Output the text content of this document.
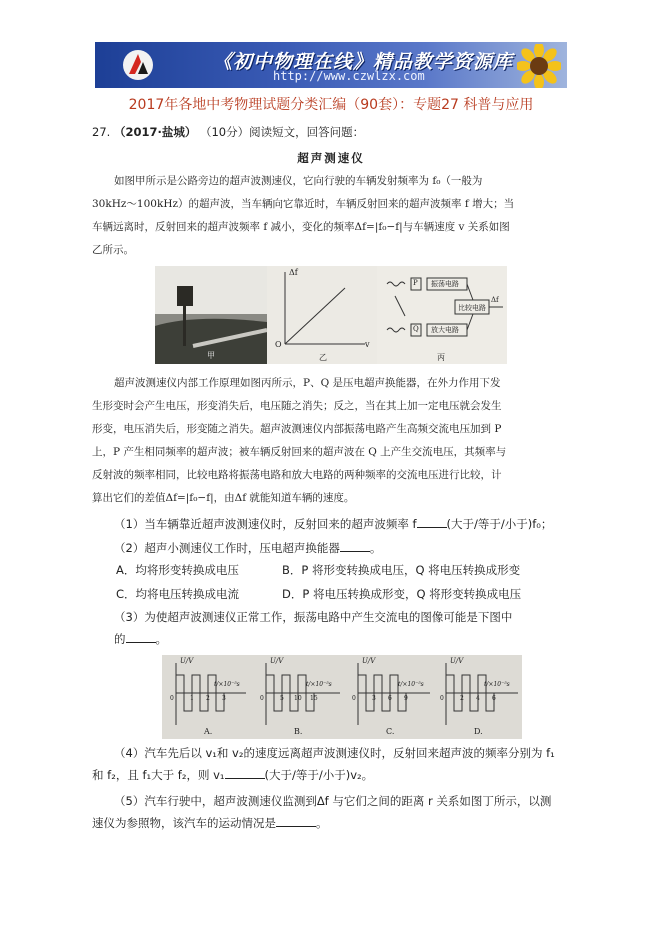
《初中物理在线》精品教学资源库
http://www.czwlzx.com
2017年各地中考物理试题分类汇编（90套）：专题27 科普与应用
27. （2017·盐城） （10分）阅读短文，回答问题：
超声测速仪
如图甲所示是公路旁边的超声波测速仪，它向行驶的车辆发射频率为 f₀（一般为
30kHz～100kHz）的超声波，当车辆向它靠近时，车辆反射回来的超声波频率 f 增大；当
车辆远离时，反射回来的超声波频率 f 减小，变化的频率Δf=|f₀−f|与车辆速度 v 关系如图
乙所示。
甲	乙	丙
Δf
v
O
振荡电路
比较电路
放大电路
Δf
P
Q
超声波测速仪内部工作原理如图丙所示，P、Q 是压电超声换能器，在外力作用下发
生形变时会产生电压，形变消失后，电压随之消失；反之，当在其上加一定电压就会发生
形变，电压消失后，形变随之消失。超声波测速仪内部振荡电路产生高频交流电压加到 P
上，P 产生相同频率的超声波；被车辆反射回来的超声波在 Q 上产生交流电压，其频率与
反射波的频率相同，比较电路将振荡电路和放大电路的两种频率的交流电压进行比较，计
算出它们的差值Δf=|f₀−f|，由Δf 就能知道车辆的速度。
（1）当车辆靠近超声波测速仪时，反射回来的超声波频率 f	(大于/等于/小于)f₀；
（2）超声小测速仪工作时，压电超声换能器	。
A．均将形变转换成电压	B．P 将形变转换成电压，Q 将电压转换成形变
C．均将电压转换成电流	D．P 将电压转换成形变，Q 将形变转换成电压
（3）为使超声波测速仪正常工作，振荡电路中产生交流电的图像可能是下图中
的	。
U/V	U/V	U/V	U/V
t/×10⁻⁵s	t/×10⁻⁵s	t/×10⁻⁵s	t/×10⁻⁵s
0	1 2 3	0	5 10 15	0	3 6 9	0	2 4 6
A.	B.	C.	D.
（4）汽车先后以 v₁和 v₂的速度远离超声波测速仪时，反射回来超声波的频率分别为 f₁
和 f₂，且 f₁大于 f₂，则 v₁	(大于/等于/小于)v₂。
（5）汽车行驶中，超声波测速仪监测到Δf 与它们之间的距离 r 关系如图丁所示，以测
速仪为参照物，该汽车的运动情况是	。
